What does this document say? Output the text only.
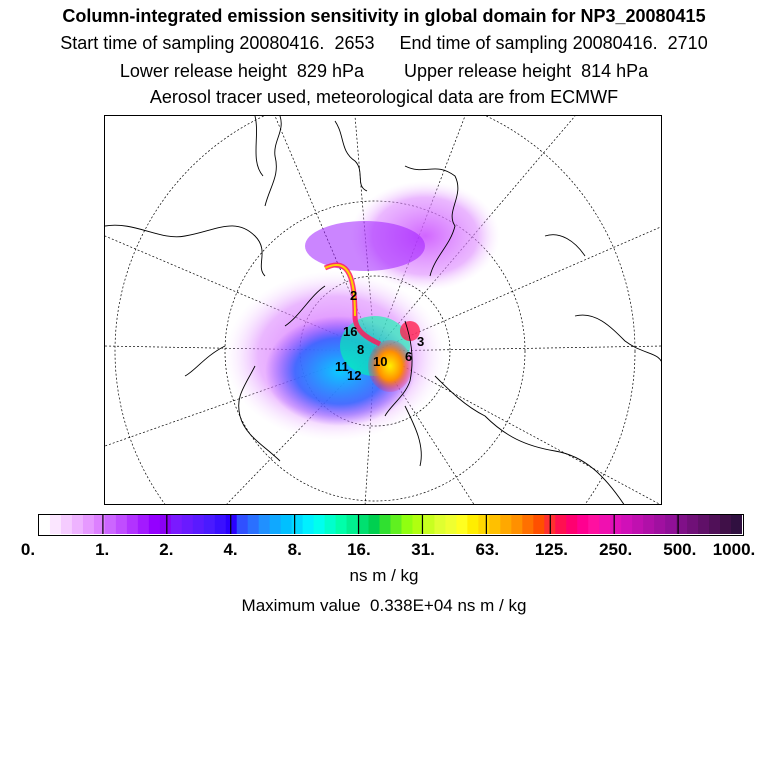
Column-integrated emission sensitivity in global domain for NP3_20080415
Start time of sampling 20080416.  2653     End time of sampling 20080416.  2710
Lower release height  829 hPa        Upper release height  814 hPa
Aerosol tracer used, meteorological data are from ECMWF
2
10
16
8
11
12
6
3
0.	1.	2.	4.	8.	16. 31. 63. 125. 250. 500. 1000.
ns m / kg
Maximum value  0.338E+04 ns m / kg
